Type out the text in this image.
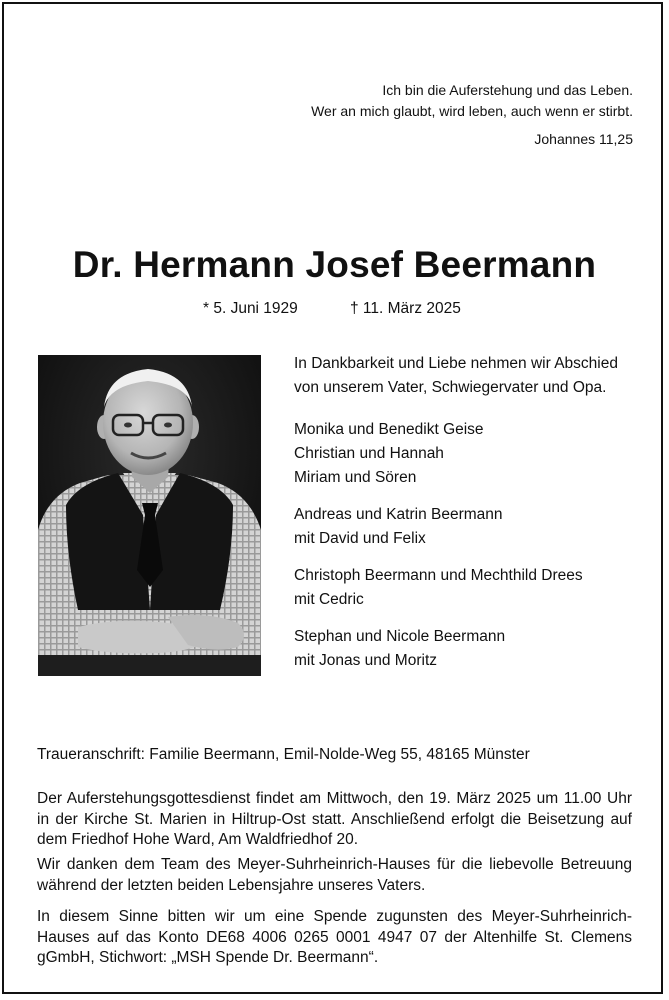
Ich bin die Auferstehung und das Leben.
Wer an mich glaubt, wird leben, auch wenn er stirbt.

Johannes 11,25

Dr. Hermann Josef Beermann
* 5. Juni 1929	† 11. März 2025

In Dankbarkeit und Liebe nehmen wir Abschied
von unserem Vater, Schwiegervater und Opa.

Monika und Benedikt Geise
Christian und Hannah
Miriam und Sören

Andreas und Katrin Beermann
mit David und Felix

Christoph Beermann und Mechthild Drees
mit Cedric

Stephan und Nicole Beermann
mit Jonas und Moritz

Traueranschrift: Familie Beermann, Emil-Nolde-Weg 55, 48165 Münster

Der Auferstehungsgottesdienst findet am Mittwoch, den 19. März 2025 um 11.00 Uhr
in der Kirche St. Marien in Hiltrup-Ost statt. Anschließend erfolgt die Beisetzung auf
dem Friedhof Hohe Ward, Am Waldfriedhof 20.

Wir danken dem Team des Meyer-Suhrheinrich-Hauses für die liebevolle Betreuung
während der letzten beiden Lebensjahre unseres Vaters.

In diesem Sinne bitten wir um eine Spende zugunsten des Meyer-Suhrheinrich-
Hauses auf das Konto DE68 4006 0265 0001 4947 07 der Altenhilfe St. Clemens
gGmbH, Stichwort: „MSH Spende Dr. Beermann“.
